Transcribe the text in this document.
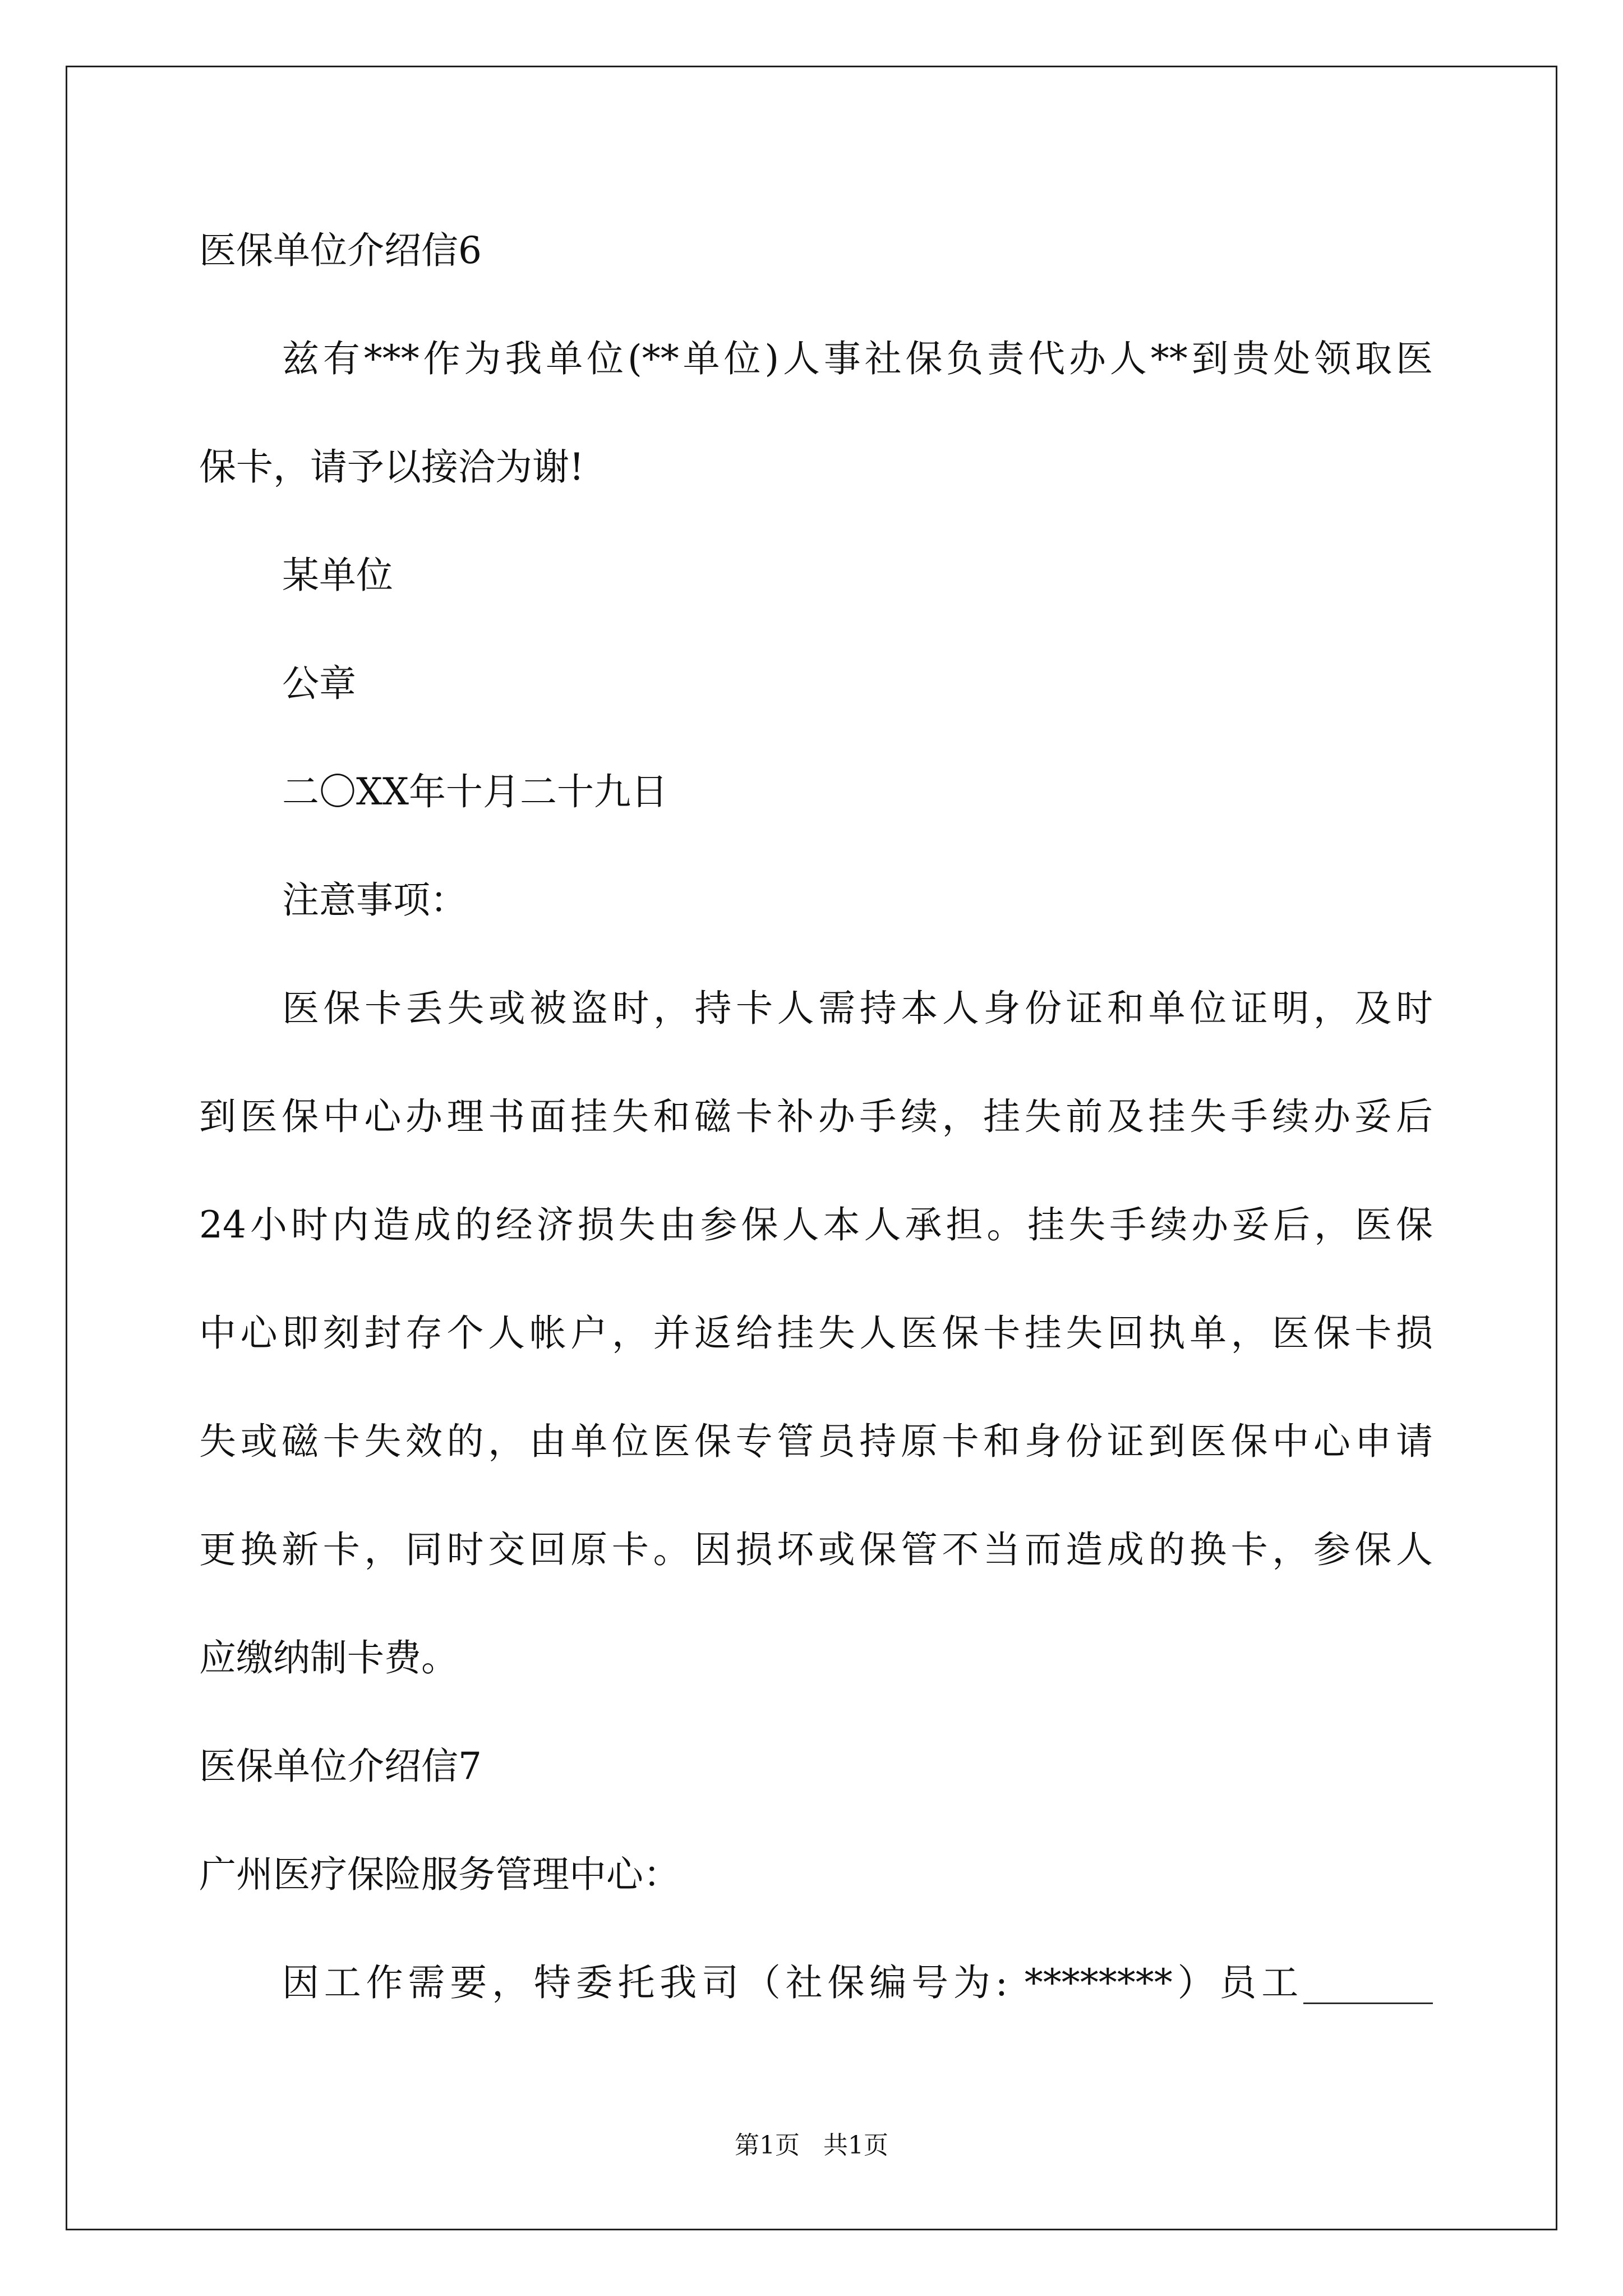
医保单位介绍信6
兹有***作为我单位(**单位)人事社保负责代办人**到贵处领取医
保卡，请予以接洽为谢!
某单位
公章
二〇XX年十月二十九日
注意事项：
医保卡丢失或被盗时，持卡人需持本人身份证和单位证明，及时
到医保中心办理书面挂失和磁卡补办手续，挂失前及挂失手续办妥后
24小时内造成的经济损失由参保人本人承担。挂失手续办妥后，医保
中心即刻封存个人帐户，并返给挂失人医保卡挂失回执单，医保卡损
失或磁卡失效的，由单位医保专管员持原卡和身份证到医保中心申请
更换新卡，同时交回原卡。因损坏或保管不当而造成的换卡，参保人
应缴纳制卡费。
医保单位介绍信7
广州医疗保险服务管理中心：
因工作需要，特委托我司（社保编号为: ********）员工_______
第1页   共1页
